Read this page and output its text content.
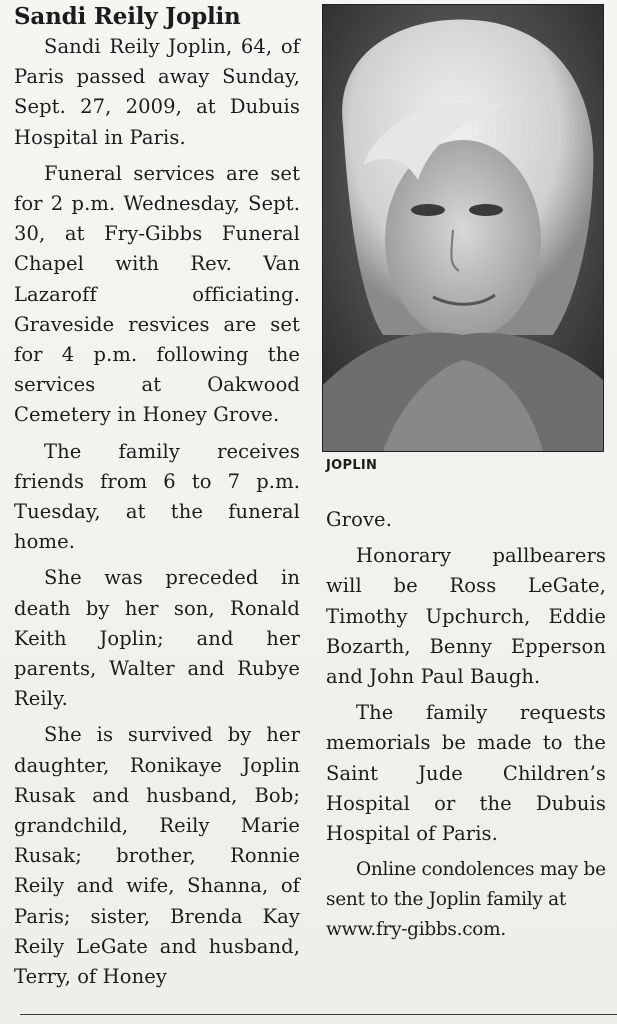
Sandi Reily Joplin

Sandi Reily Joplin, 64, of Paris passed away Sunday, Sept. 27, 2009, at Dubuis Hospital in Paris.

Funeral services are set for 2 p.m. Wednesday, Sept. 30, at Fry-Gibbs Funeral Chapel with Rev. Van Lazaroff officiating. Graveside resvices are set for 4 p.m. following the services at Oakwood Cemetery in Honey Grove.

The family receives friends from 6 to 7 p.m. Tuesday, at the funeral home.

She was preceded in death by her son, Ronald Keith Joplin; and her parents, Walter and Rubye Reily.

She is survived by her daughter, Ronikaye Joplin Rusak and husband, Bob; grandchild, Reily Marie Rusak; brother, Ronnie Reily and wife, Shanna, of Paris; sister, Brenda Kay Reily LeGate and husband, Terry, of Honey

JOPLIN

Grove.

Honorary pallbearers will be Ross LeGate, Timothy Upchurch, Eddie Bozarth, Benny Epperson and John Paul Baugh.

The family requests memorials be made to the Saint Jude Children’s Hospital or the Dubuis Hospital of Paris.

Online condolences may be sent to the Joplin family at www.fry-gibbs.com.
